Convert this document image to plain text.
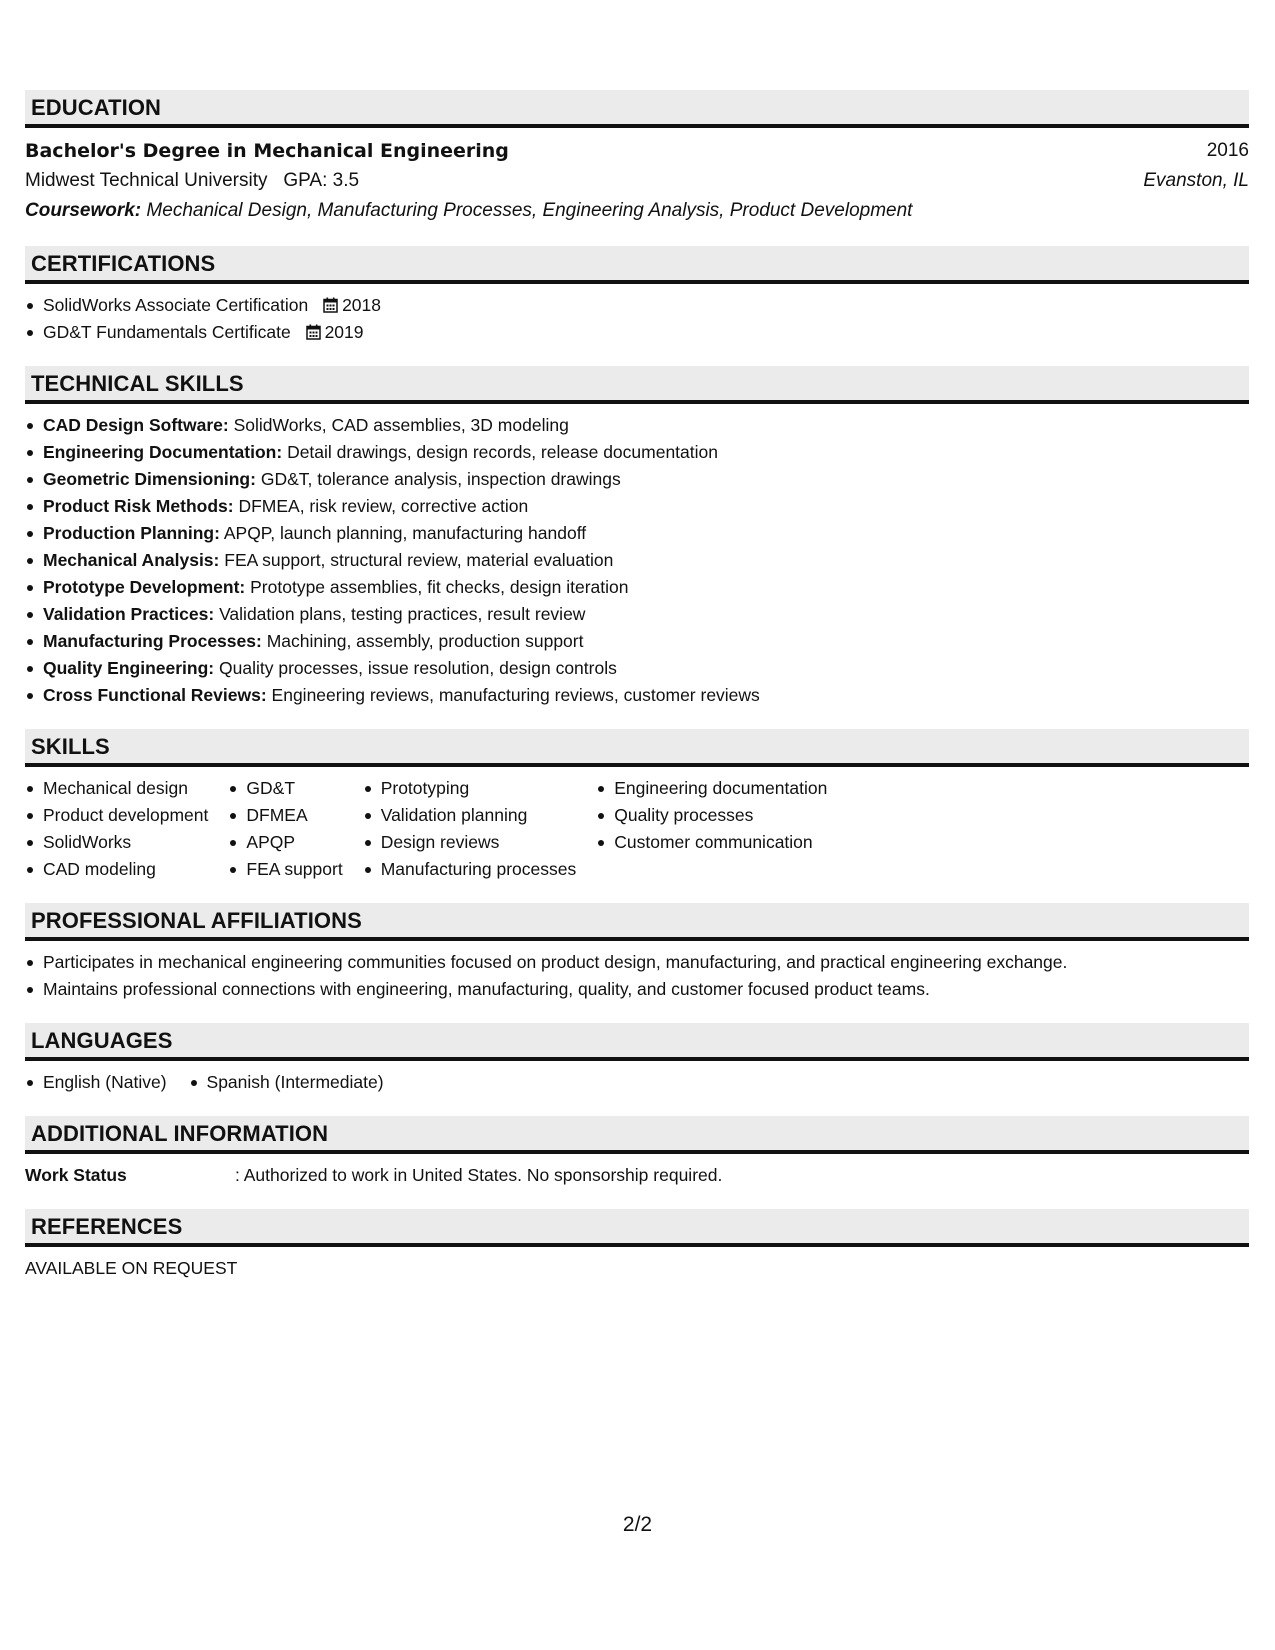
EDUCATION
Bachelor's Degree in Mechanical Engineering	2016
Midwest Technical University GPA: 3.5	Evanston, IL
Coursework: Mechanical Design, Manufacturing Processes, Engineering Analysis, Product Development
CERTIFICATIONS
SolidWorks Associate Certification 2018
GD&T Fundamentals Certificate 2019
TECHNICAL SKILLS
CAD Design Software: SolidWorks, CAD assemblies, 3D modeling
Engineering Documentation: Detail drawings, design records, release documentation
Geometric Dimensioning: GD&T, tolerance analysis, inspection drawings
Product Risk Methods: DFMEA, risk review, corrective action
Production Planning: APQP, launch planning, manufacturing handoff
Mechanical Analysis: FEA support, structural review, material evaluation
Prototype Development: Prototype assemblies, fit checks, design iteration
Validation Practices: Validation plans, testing practices, result review
Manufacturing Processes: Machining, assembly, production support
Quality Engineering: Quality processes, issue resolution, design controls
Cross Functional Reviews: Engineering reviews, manufacturing reviews, customer reviews
SKILLS
Mechanical design
Product development
SolidWorks
CAD modeling
GD&T
DFMEA
APQP
FEA support
Prototyping
Validation planning
Design reviews
Manufacturing processes
Engineering documentation
Quality processes
Customer communication
PROFESSIONAL AFFILIATIONS
Participates in mechanical engineering communities focused on product design, manufacturing, and practical engineering exchange.
Maintains professional connections with engineering, manufacturing, quality, and customer focused product teams.
LANGUAGES
English (Native)	Spanish (Intermediate)
ADDITIONAL INFORMATION
Work Status	: Authorized to work in United States. No sponsorship required.
REFERENCES
AVAILABLE ON REQUEST
2/2
